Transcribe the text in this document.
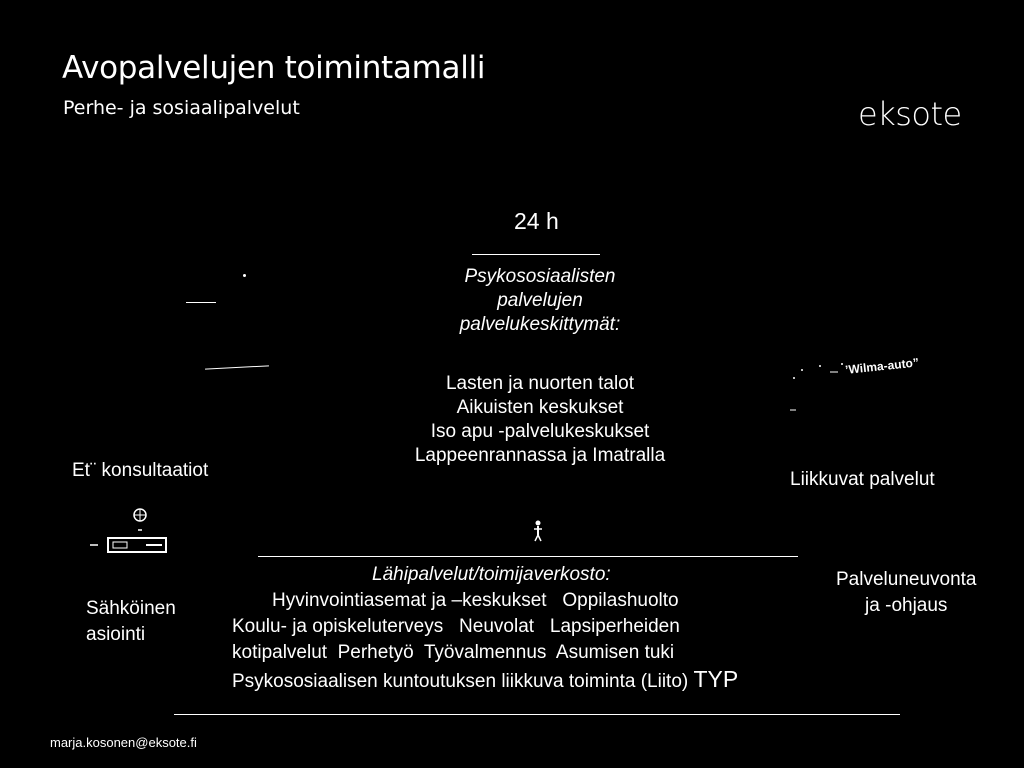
Avopalvelujen toimintamalli
Perhe- ja sosiaalipalvelut	eksote
24 h
Psykososiaalisten
palvelujen
palvelukeskittymät:
Lasten ja nuorten talot
Aikuisten keskukset
Iso apu -palvelukeskukset
Lappeenrannassa ja Imatralla
Et¨ konsultaatiot
Sähköinen
asiointi
’Wilma-auto”
Liikkuvat palvelut
Palveluneuvonta
ja -ohjaus
Lähipalvelut/toimijaverkosto:
Hyvinvointiasemat ja –keskukset   Oppilashuolto
Koulu- ja opiskeluterveys   Neuvolat   Lapsiperheiden
kotipalvelut  Perhetyö  Työvalmennus  Asumisen tuki
Psykososiaalisen kuntoutuksen liikkuva toiminta (Liito) TYP
marja.kosonen@eksote.fi
